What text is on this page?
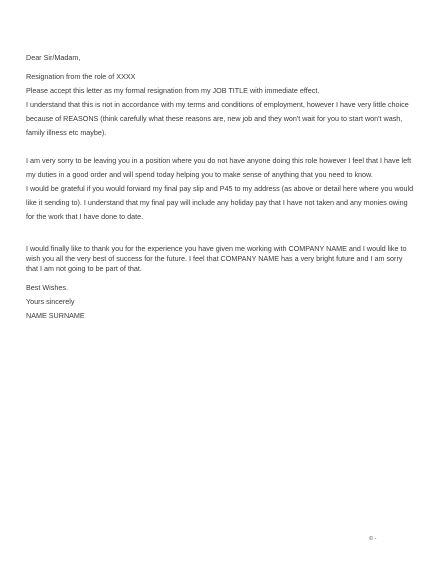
Dear Sir/Madam,
Resignation from the role of XXXX
Please accept this letter as my formal resignation from my JOB TITLE with immediate effect.
I understand that this is not in accordance with my terms and conditions of employment, however I have very little choice
because of REASONS (think carefully what these reasons are, new job and they won't wait for you to start won't wash,
family illness etc maybe).
I am very sorry to be leaving you in a position where you do not have anyone doing this role however I feel that I have left
my duties in a good order and will spend today helping you to make sense of anything that you need to know.
I would be grateful if you would forward my final pay slip and P45 to my address (as above or detail here where you would
like it sending to). I understand that my final pay will include any holiday pay that I have not taken and any monies owing
for the work that I have done to date.
I would finally like to thank you for the experience you have given me working with COMPANY NAME and I would like to
wish you all the very best of success for the future. I feel that COMPANY NAME has a very bright future and I am sorry
that I am not going to be part of that.
Best Wishes.
Yours sincerely
NAME SURNAME
© -
